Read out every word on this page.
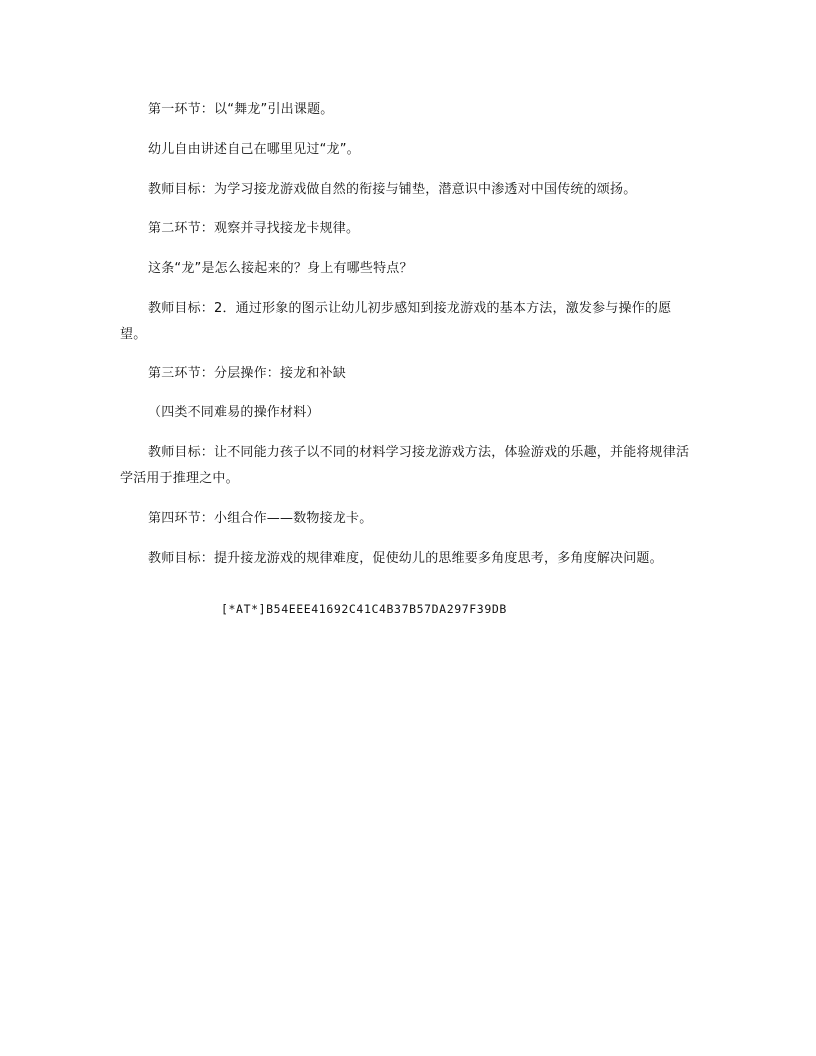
第一环节：以“舞龙”引出课题。

幼儿自由讲述自己在哪里见过“龙”。

教师目标：为学习接龙游戏做自然的衔接与铺垫，潜意识中渗透对中国传统的颂扬。

第二环节：观察并寻找接龙卡规律。

这条“龙”是怎么接起来的？身上有哪些特点？

教师目标：2．通过形象的图示让幼儿初步感知到接龙游戏的基本方法，激发参与操作的愿望。

第三环节：分层操作：接龙和补缺

（四类不同难易的操作材料）

教师目标：让不同能力孩子以不同的材料学习接龙游戏方法，体验游戏的乐趣，并能将规律活学活用于推理之中。

第四环节：小组合作——数物接龙卡。

教师目标：提升接龙游戏的规律难度，促使幼儿的思维要多角度思考，多角度解决问题。

[*AT*]B54EEE41692C41C4B37B57DA297F39DB
